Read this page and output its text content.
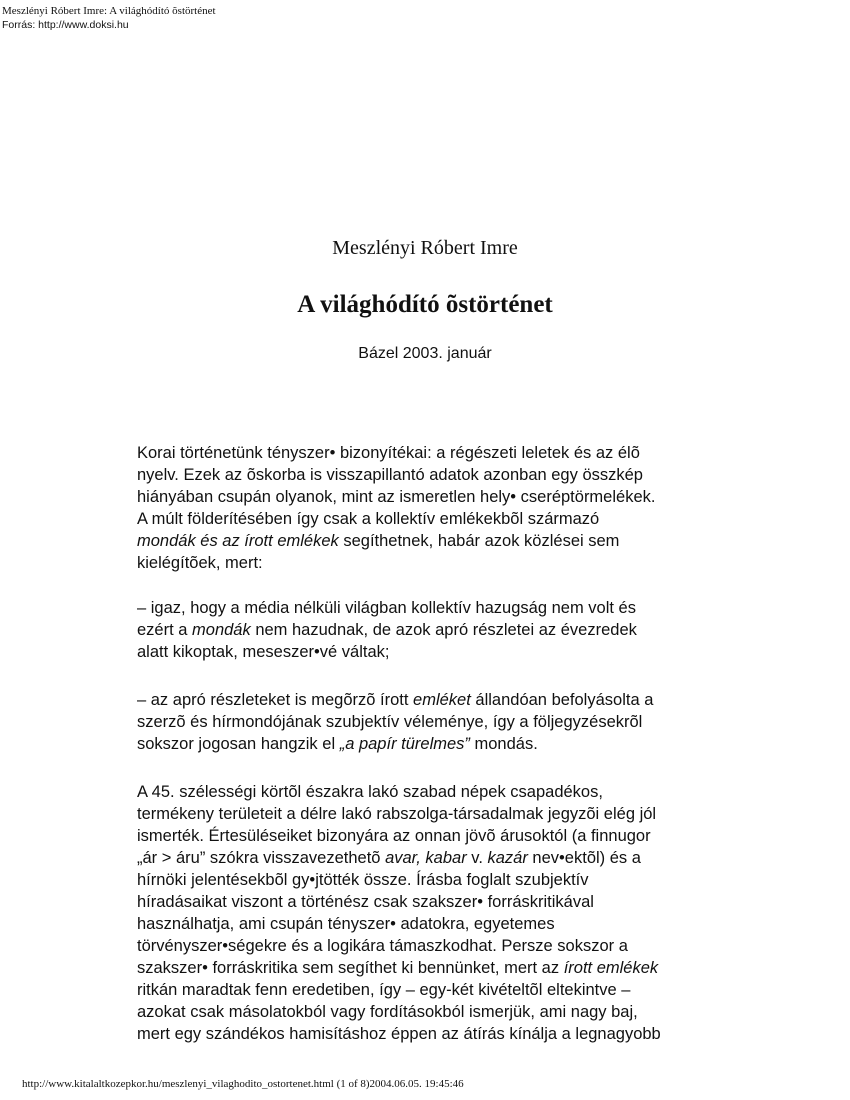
Meszlényi Róbert Imre: A világhódító õstörténet
Forrás: http://www.doksi.hu
Meszlényi Róbert Imre
A világhódító õstörténet
Bázel 2003. január
Korai történetünk tényszer• bizonyítékai: a régészeti leletek és az élõ
nyelv. Ezek az õskorba is visszapillantó adatok azonban egy összkép
hiányában csupán olyanok, mint az ismeretlen hely• cseréptörmelékek.
A múlt földerítésében így csak a kollektív emlékekbõl származó
mondák és az írott emlékek segíthetnek, habár azok közlései sem
kielégítõek, mert:
– igaz, hogy a média nélküli világban kollektív hazugság nem volt és
ezért a mondák nem hazudnak, de azok apró részletei az évezredek
alatt kikoptak, meseszer•vé váltak;
– az apró részleteket is megõrzõ írott emléket állandóan befolyásolta a
szerzõ és hírmondójának szubjektív véleménye, így a följegyzésekrõl
sokszor jogosan hangzik el „a papír türelmes” mondás.
A 45. szélességi körtõl északra lakó szabad népek csapadékos,
termékeny területeit a délre lakó rabszolga-társadalmak jegyzõi elég jól
ismerték. Értesüléseiket bizonyára az onnan jövõ árusoktól (a finnugor
„ár > áru” szókra visszavezethetõ avar, kabar v. kazár nev•ektõl) és a
hírnöki jelentésekbõl gy•jtötték össze. Írásba foglalt szubjektív
híradásaikat viszont a történész csak szakszer• forráskritikával
használhatja, ami csupán tényszer• adatokra, egyetemes
törvényszer•ségekre és a logikára támaszkodhat. Persze sokszor a
szakszer• forráskritika sem segíthet ki bennünket, mert az írott emlékek
ritkán maradtak fenn eredetiben, így – egy-két kivételtõl eltekintve –
azokat csak másolatokból vagy fordításokból ismerjük, ami nagy baj,
mert egy szándékos hamisításhoz éppen az átírás kínálja a legnagyobb
http://www.kitalaltkozepkor.hu/meszlenyi_vilaghodito_ostortenet.html (1 of 8)2004.06.05. 19:45:46
